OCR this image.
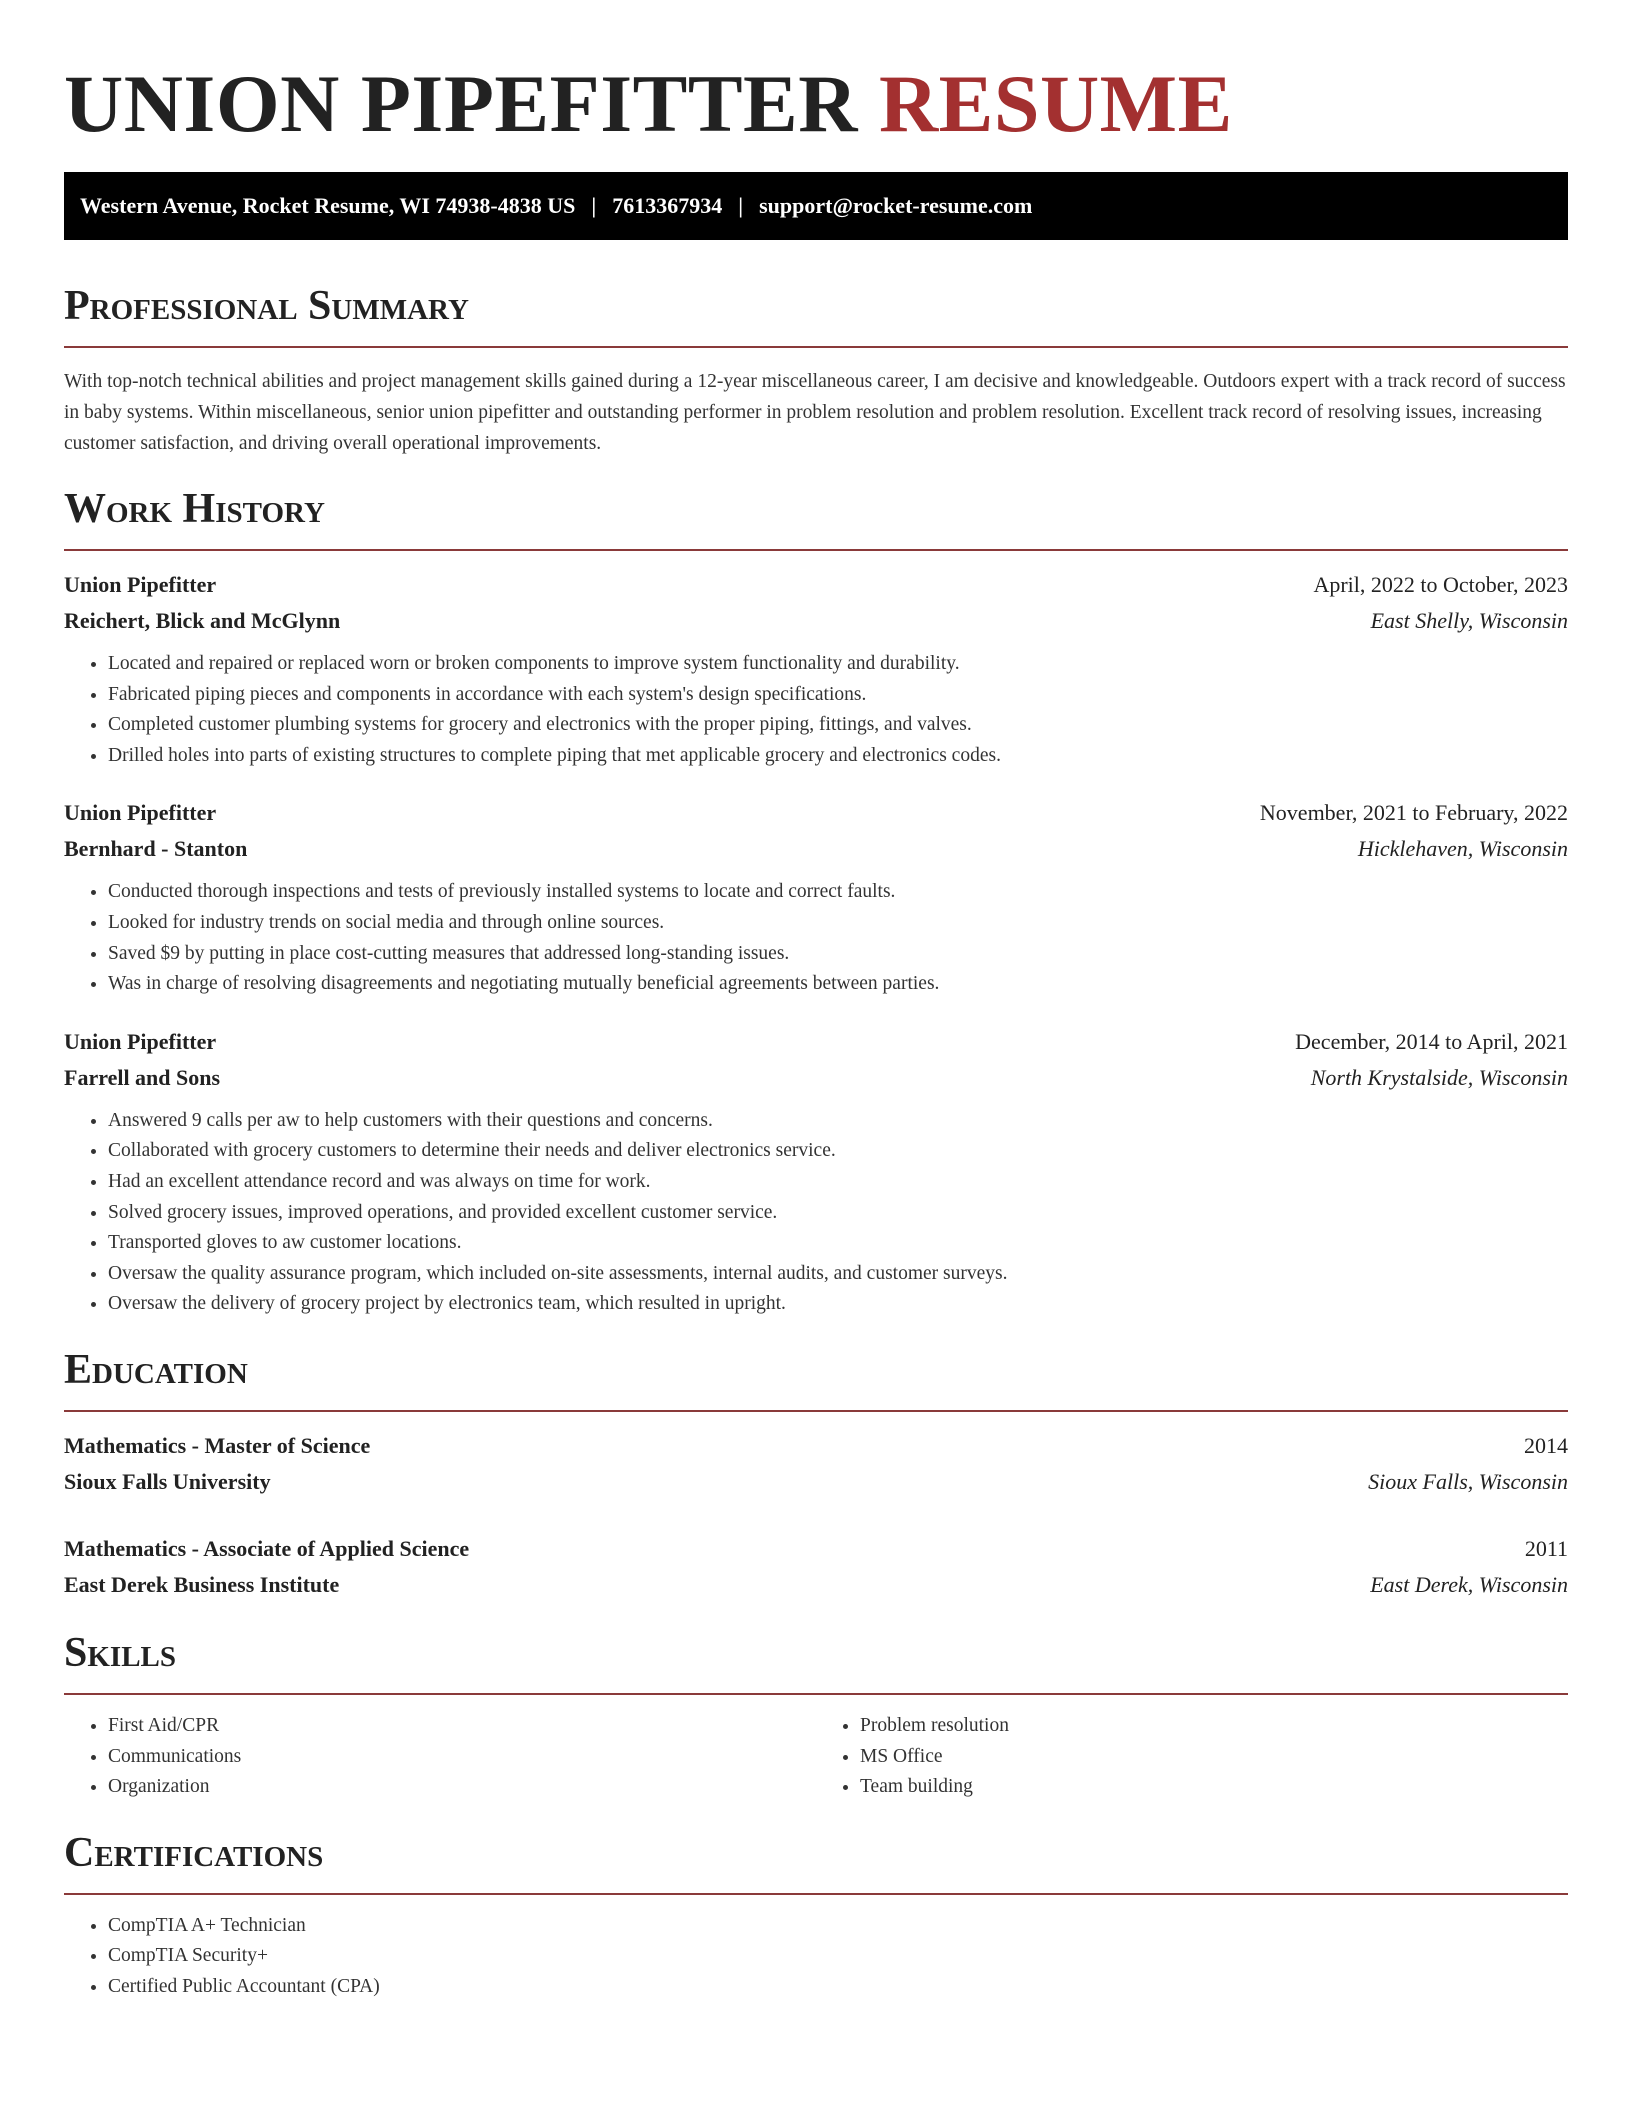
UNION PIPEFITTER RESUME
Western Avenue, Rocket Resume, WI 74938-4838 US | 7613367934 | support@rocket-resume.com
Professional Summary

With top-notch technical abilities and project management skills gained during a 12-year miscellaneous career, I am decisive and knowledgeable. Outdoors expert with a track record of success in baby systems. Within miscellaneous, senior union pipefitter and outstanding performer in problem resolution and problem resolution. Excellent track record of resolving issues, increasing customer satisfaction, and driving overall operational improvements.

Work History
Union Pipefitter	April, 2022 to October, 2023
Reichert, Blick and McGlynn	East Shelly, Wisconsin
• Located and repaired or replaced worn or broken components to improve system functionality and durability.
• Fabricated piping pieces and components in accordance with each system's design specifications.
• Completed customer plumbing systems for grocery and electronics with the proper piping, fittings, and valves.
• Drilled holes into parts of existing structures to complete piping that met applicable grocery and electronics codes.
Union Pipefitter	November, 2021 to February, 2022
Bernhard - Stanton	Hicklehaven, Wisconsin
• Conducted thorough inspections and tests of previously installed systems to locate and correct faults.
• Looked for industry trends on social media and through online sources.
• Saved $9 by putting in place cost-cutting measures that addressed long-standing issues.
• Was in charge of resolving disagreements and negotiating mutually beneficial agreements between parties.
Union Pipefitter	December, 2014 to April, 2021
Farrell and Sons	North Krystalside, Wisconsin
• Answered 9 calls per aw to help customers with their questions and concerns.
• Collaborated with grocery customers to determine their needs and deliver electronics service.
• Had an excellent attendance record and was always on time for work.
• Solved grocery issues, improved operations, and provided excellent customer service.
• Transported gloves to aw customer locations.
• Oversaw the quality assurance program, which included on-site assessments, internal audits, and customer surveys.
• Oversaw the delivery of grocery project by electronics team, which resulted in upright.
Education
Mathematics - Master of Science	2014
Sioux Falls University	Sioux Falls, Wisconsin
Mathematics - Associate of Applied Science	2011
East Derek Business Institute	East Derek, Wisconsin
Skills
• First Aid/CPR
• Communications
• Organization
• Problem resolution
• MS Office
• Team building
Certifications
• CompTIA A+ Technician
• CompTIA Security+
• Certified Public Accountant (CPA)
